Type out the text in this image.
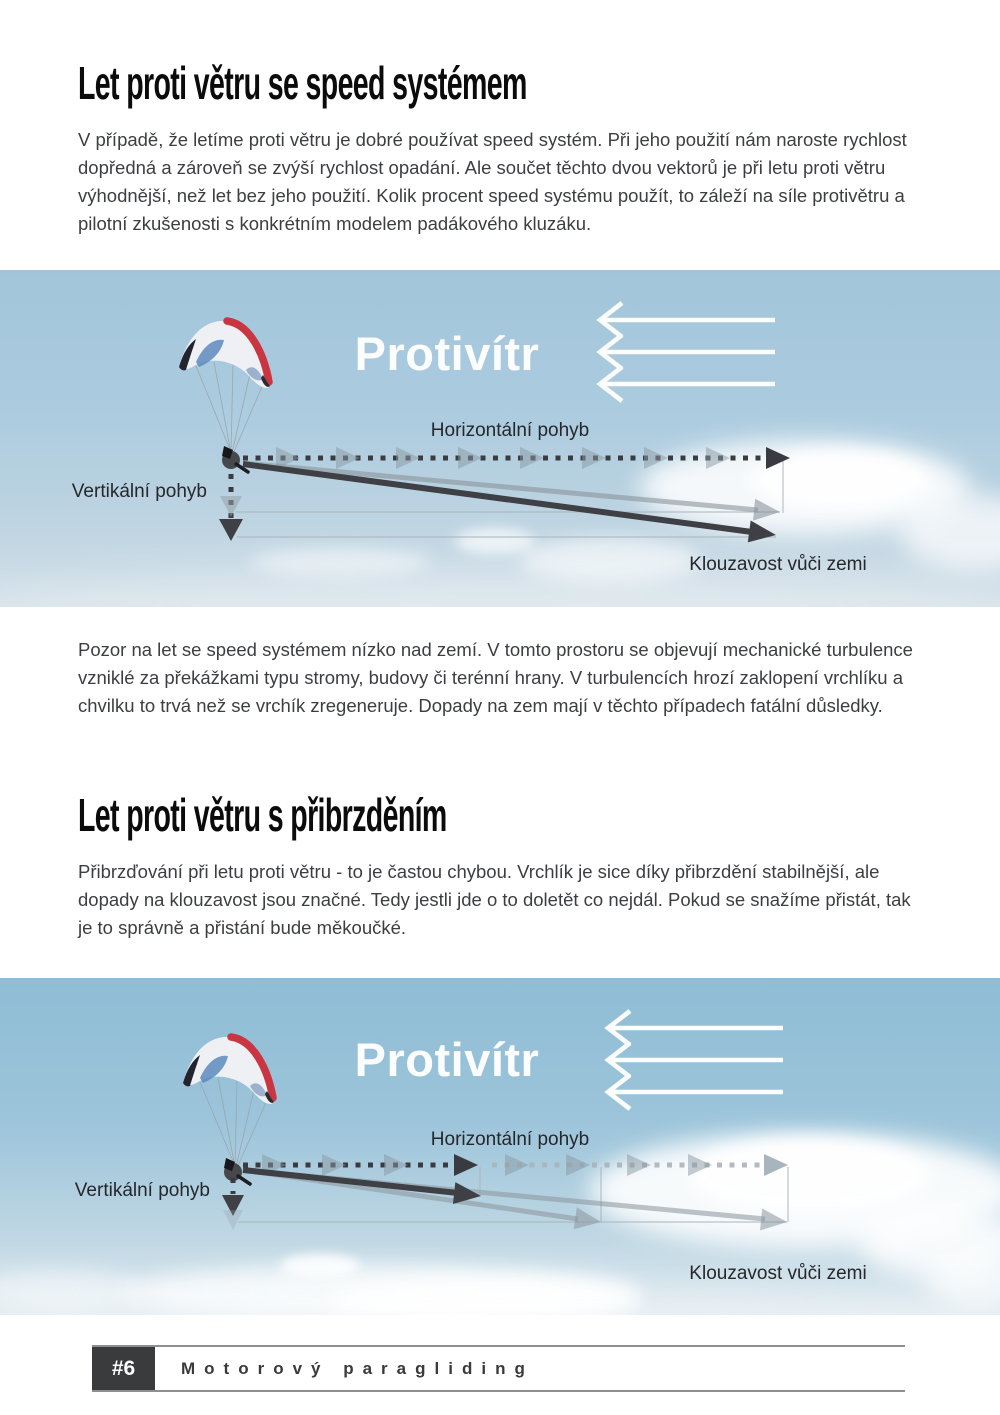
Let proti větru se speed systémem
V případě, že letíme proti větru je dobré používat speed systém. Při jeho použití nám naroste rychlost dopředná a zároveň se zvýší rychlost opadání. Ale součet těchto dvou vektorů je při letu proti větru výhodnější, než let bez jeho použití. Kolik procent speed systému použít, to záleží na síle protivětru a pilotní zkušenosti s konkrétním modelem padákového kluzáku.
Protivítr
Horizontální pohyb
Vertikální pohyb
Klouzavost vůči zemi
Pozor na let se speed systémem nízko nad zemí. V tomto prostoru se objevují mechanické turbulence vzniklé za překážkami typu stromy, budovy či terénní hrany. V turbulencích hrozí zaklopení vrchlíku a chvilku to trvá než se vrchík zregeneruje. Dopady na zem mají v těchto případech fatální důsledky.
Let proti větru s přibrzděním
Přibrzďování při letu proti větru - to je častou chybou. Vrchlík je sice díky přibrzdění stabilnější, ale dopady na klouzavost jsou značné. Tedy jestli jde o to doletět co nejdál. Pokud se snažíme přistát, tak je to správně a přistání bude měkoučké.
Protivítr
Horizontální pohyb
Vertikální pohyb
Klouzavost vůči zemi
#6	Motorový paragliding
